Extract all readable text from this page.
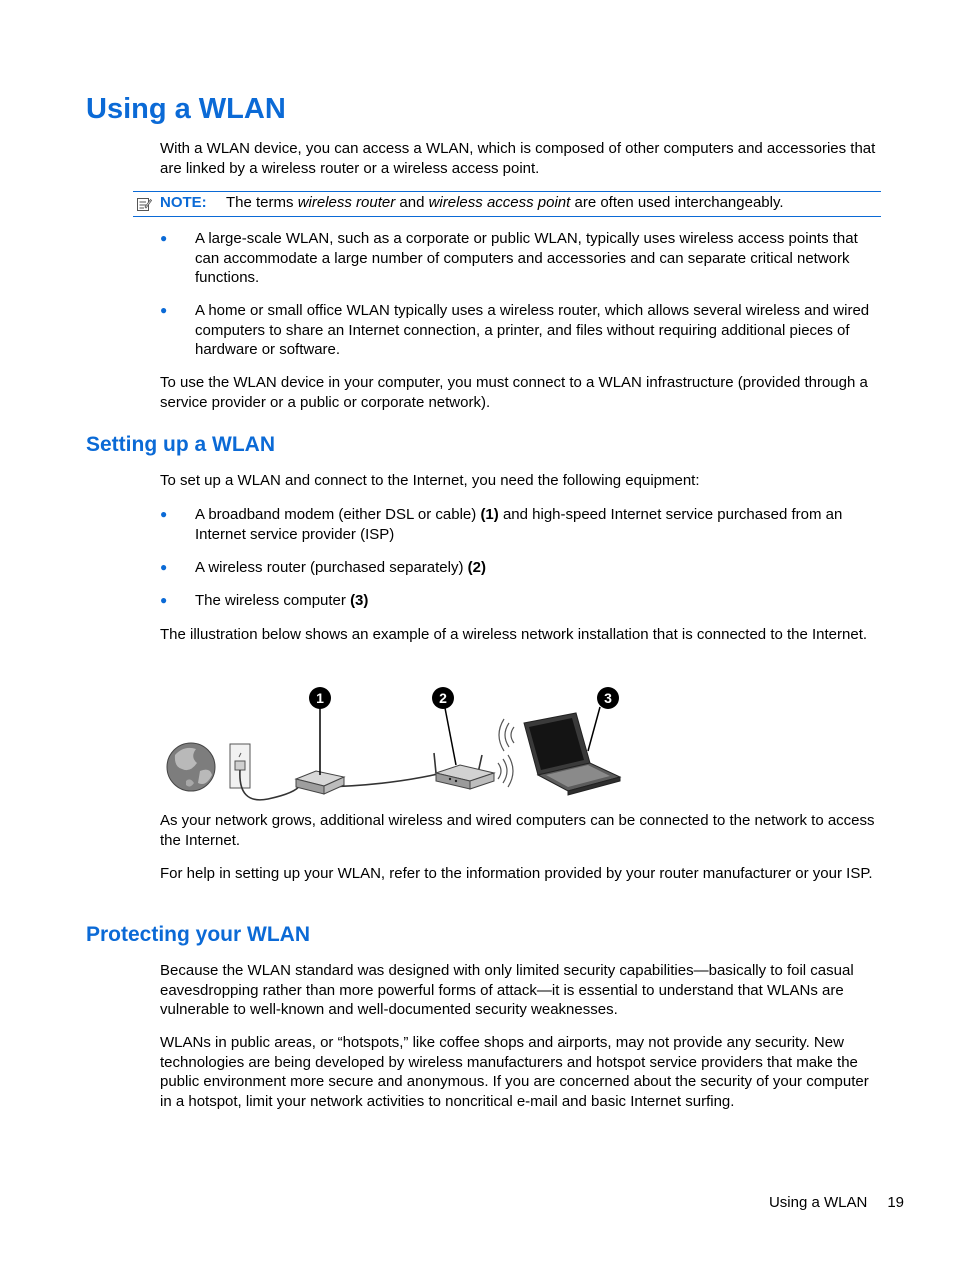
Using a WLAN

With a WLAN device, you can access a WLAN, which is composed of other computers and accessories that are linked by a wireless router or a wireless access point.

NOTE: The terms wireless router and wireless access point are often used interchangeably.
● A large-scale WLAN, such as a corporate or public WLAN, typically uses wireless access points that can accommodate a large number of computers and accessories and can separate critical network functions.
● A home or small office WLAN typically uses a wireless router, which allows several wireless and wired computers to share an Internet connection, a printer, and files without requiring additional pieces of hardware or software.

To use the WLAN device in your computer, you must connect to a WLAN infrastructure (provided through a service provider or a public or corporate network).

Setting up a WLAN

To set up a WLAN and connect to the Internet, you need the following equipment:

● A broadband modem (either DSL or cable) (1) and high-speed Internet service purchased from an Internet service provider (ISP)
● A wireless router (purchased separately) (2)
● The wireless computer (3)

The illustration below shows an example of a wireless network installation that is connected to the Internet.

1	2	3

As your network grows, additional wireless and wired computers can be connected to the network to access the Internet.

For help in setting up your WLAN, refer to the information provided by your router manufacturer or your ISP.

Protecting your WLAN

Because the WLAN standard was designed with only limited security capabilities—basically to foil casual eavesdropping rather than more powerful forms of attack—it is essential to understand that WLANs are vulnerable to well-known and well-documented security weaknesses.

WLANs in public areas, or “hotspots,” like coffee shops and airports, may not provide any security. New technologies are being developed by wireless manufacturers and hotspot service providers that make the public environment more secure and anonymous. If you are concerned about the security of your computer in a hotspot, limit your network activities to noncritical e-mail and basic Internet surfing.

Using a WLAN 19
